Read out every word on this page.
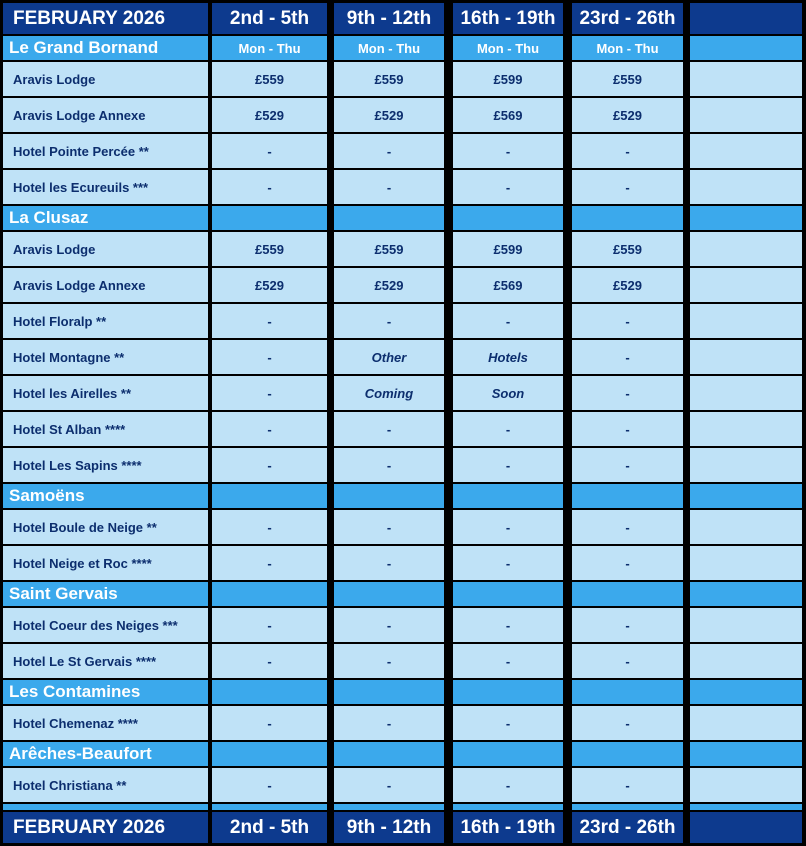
FEBRUARY 2026	2nd - 5th	9th - 12th	16th - 19th	23rd - 26th
Le Grand Bornand	Mon - Thu	Mon - Thu	Mon - Thu	Mon - Thu
Aravis Lodge	£559	£559	£599	£559
Aravis Lodge Annexe	£529	£529	£569	£529
Hotel Pointe Percée **	-	-	-	-
Hotel les Ecureuils ***	-	-	-	-
La Clusaz
Aravis Lodge	£559	£559	£599	£559
Aravis Lodge Annexe	£529	£529	£569	£529
Hotel Floralp **	-	-	-	-
Hotel Montagne **	-	Other	Hotels	-
Hotel les Airelles **	-	Coming	Soon	-
Hotel St Alban ****	-	-	-	-
Hotel Les Sapins ****	-	-	-	-
Samoëns
Hotel Boule de Neige **	-	-	-	-
Hotel Neige et Roc ****	-	-	-	-
Saint Gervais
Hotel Coeur des Neiges ***	-	-	-	-
Hotel Le St Gervais ****	-	-	-	-
Les Contamines
Hotel Chemenaz ****	-	-	-	-
Arêches-Beaufort
Hotel Christiana **	-	-	-	-
FEBRUARY 2026	2nd - 5th	9th - 12th	16th - 19th	23rd - 26th
